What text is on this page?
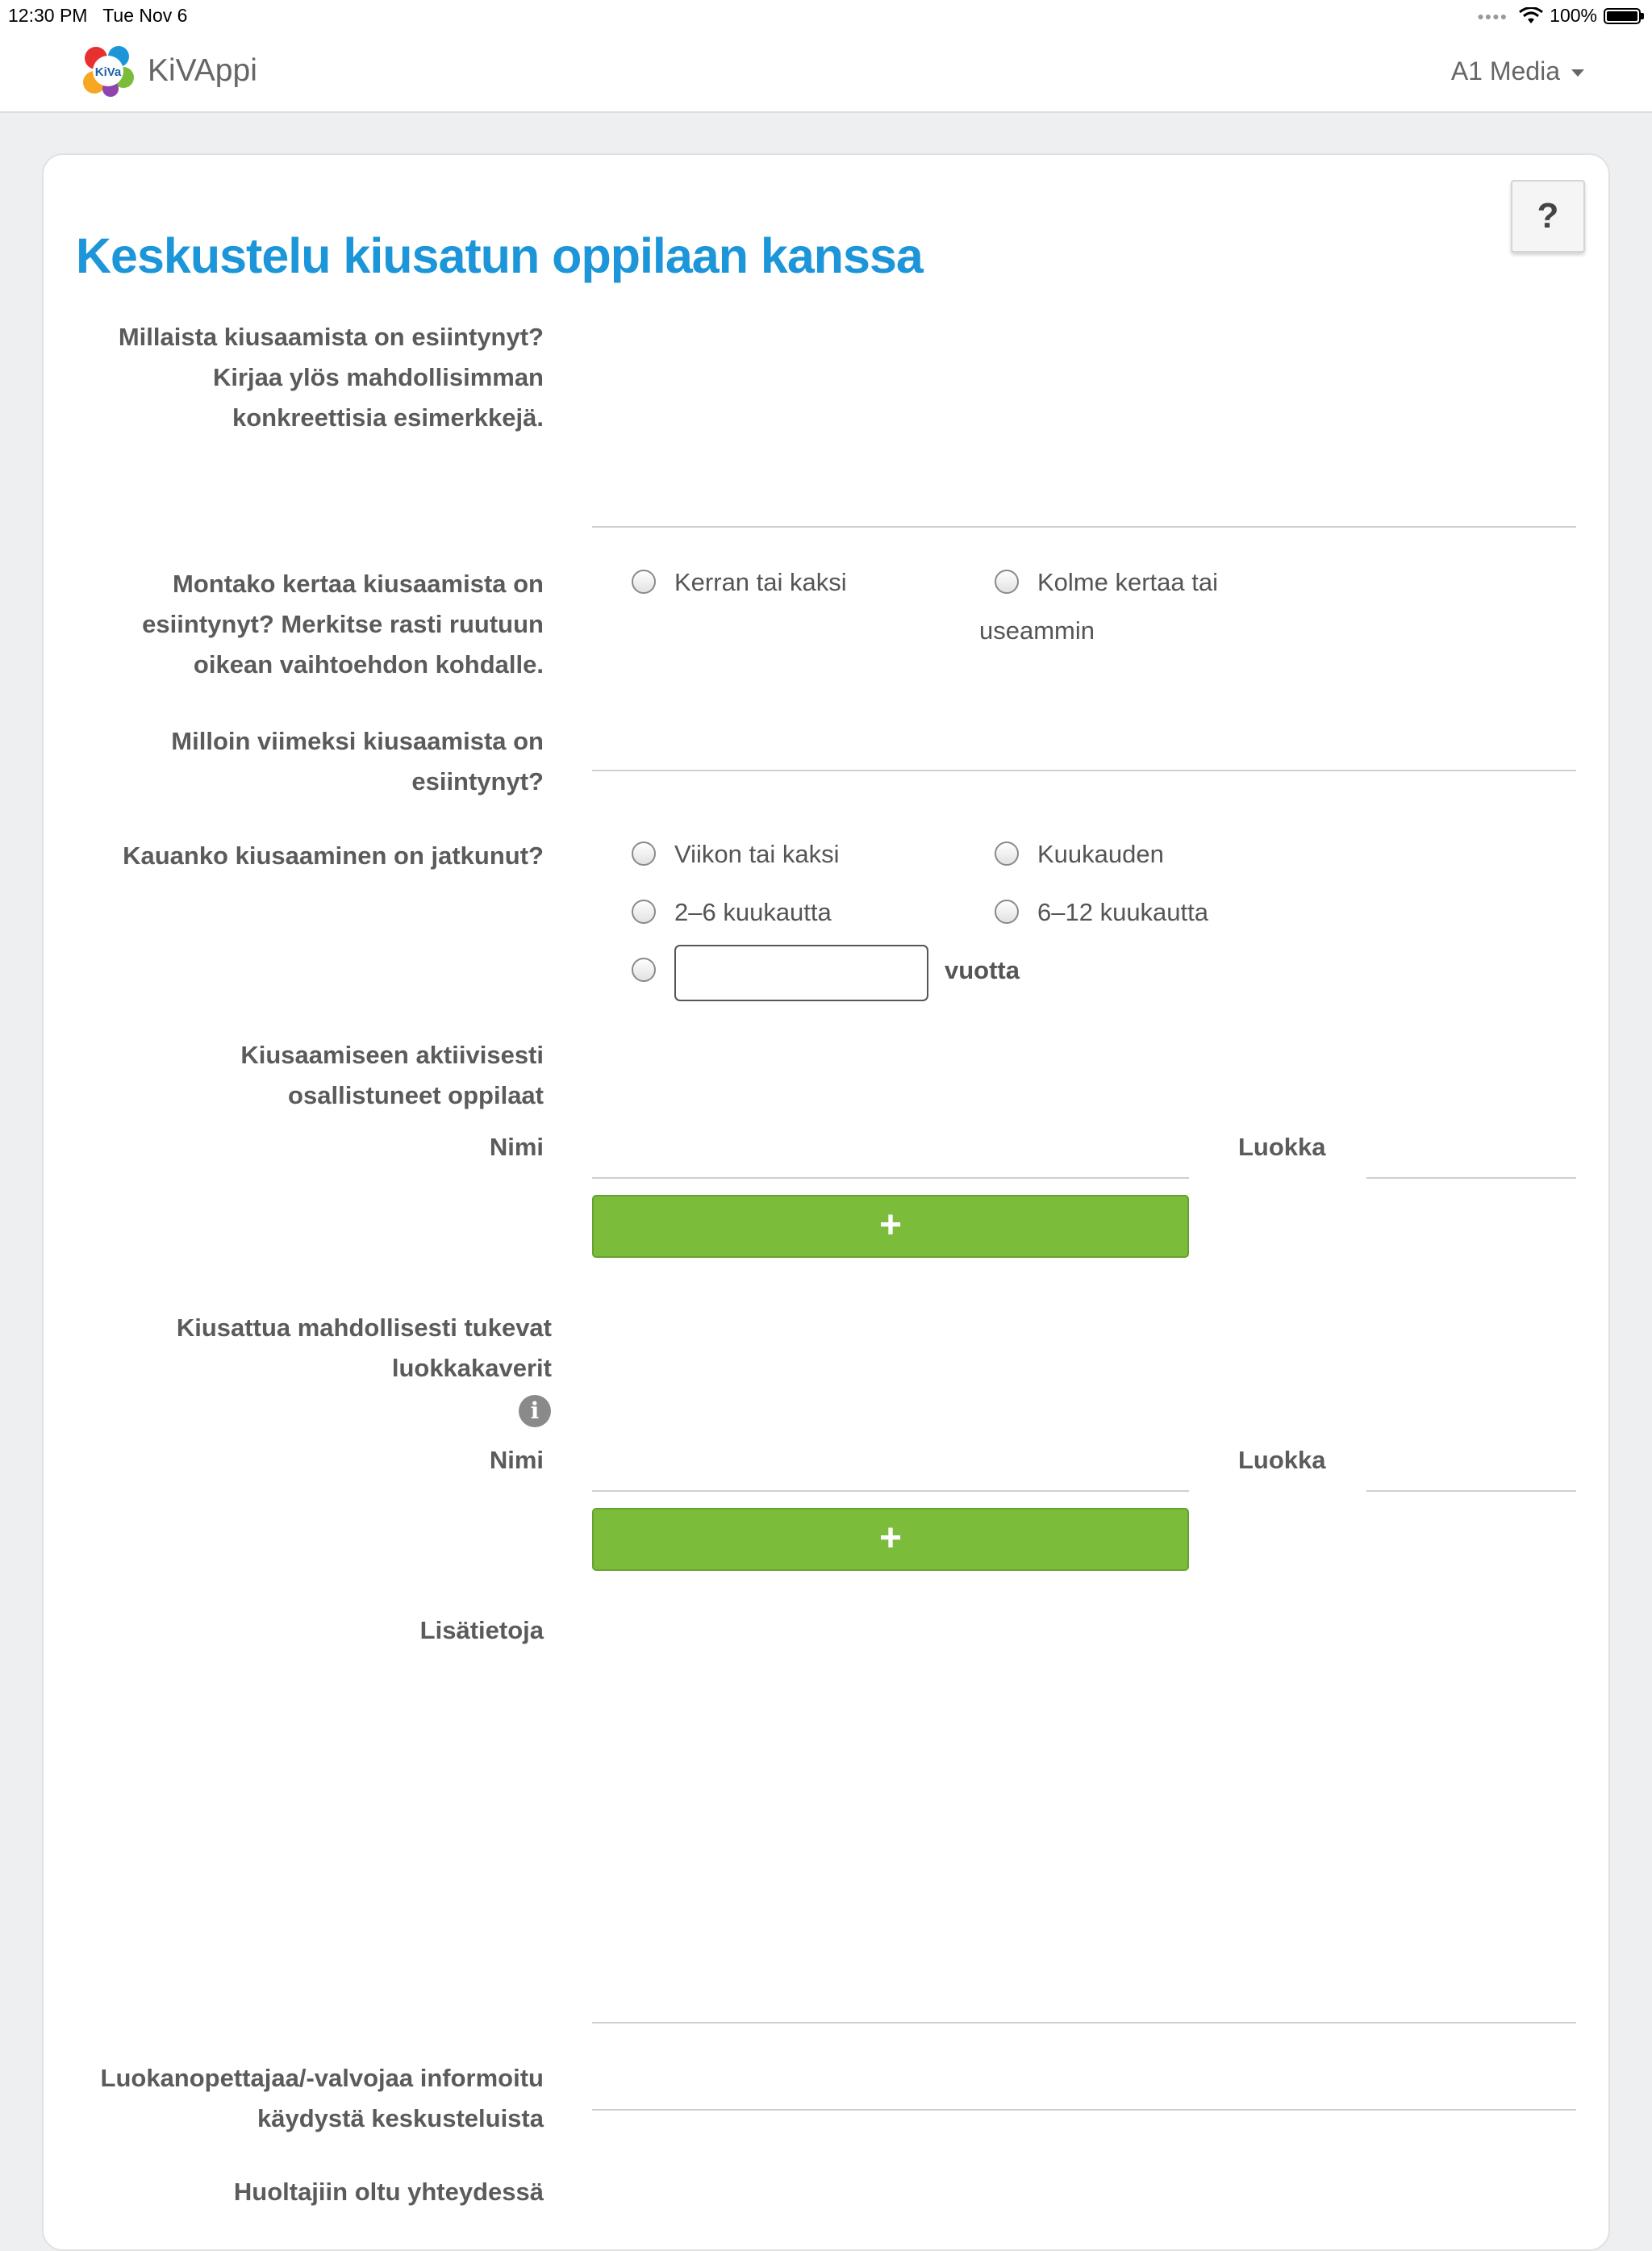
12:30 PM Tue Nov 6	●●●● 100%
KiVa KiVAppi	A1 Media
?
Keskustelu kiusatun oppilaan kanssa
Millaista kiusaamista on esiintynyt?
Kirjaa ylös mahdollisimman
konkreettisia esimerkkejä.
Montako kertaa kiusaamista on
esiintynyt? Merkitse rasti ruutuun
oikean vaihtoehdon kohdalle.
Kerran tai kaksi	Kolme kertaa tai
useammin
Milloin viimeksi kiusaamista on
esiintynyt?
Kauanko kiusaaminen on jatkunut?	Viikon tai kaksi	Kuukauden
2–6 kuukautta	6–12 kuukautta
vuotta
Kiusaamiseen aktiivisesti
osallistuneet oppilaat
Nimi	Luokka
+
Kiusattua mahdollisesti tukevat
luokkakaverit
i
Nimi	Luokka
+
Lisätietoja
Luokanopettajaa/-valvojaa informoitu
käydystä keskusteluista
Huoltajiin oltu yhteydessä
